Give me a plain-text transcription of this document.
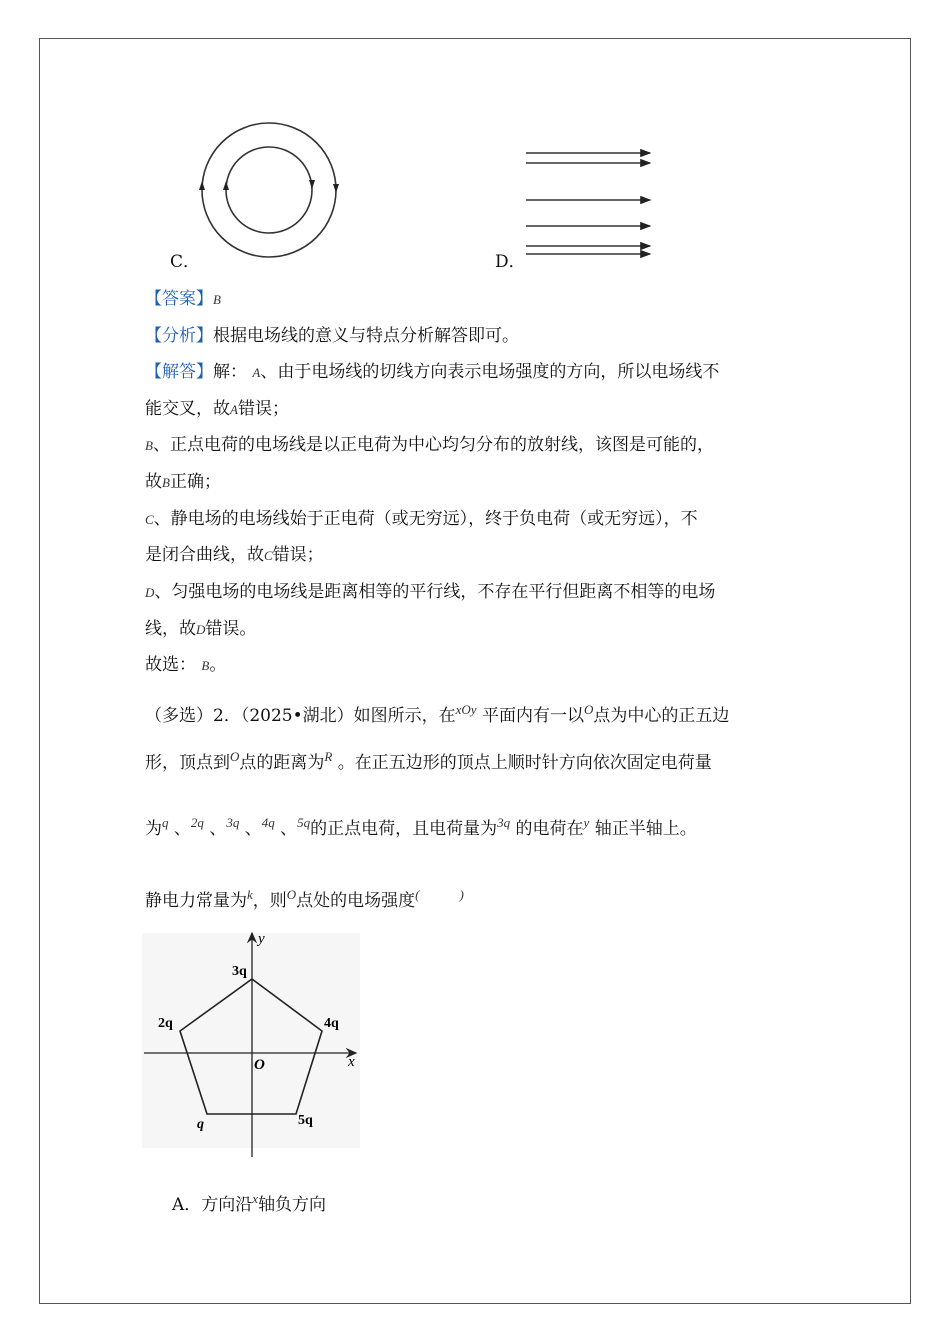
C．	D．
【答案】B
【分析】根据电场线的意义与特点分析解答即可。
【解答】解： A、由于电场线的切线方向表示电场强度的方向，所以电场线不
能交叉，故A错误；
B、正点电荷的电场线是以正电荷为中心均匀分布的放射线，该图是可能的，
故B正确；
C、静电场的电场线始于正电荷（或无穷远），终于负电荷（或无穷远），不
是闭合曲线，故C错误；
D、匀强电场的电场线是距离相等的平行线，不存在平行但距离不相等的电场
线，故D错误。
故选： B。
（多选）2．（2025•湖北）如图所示，在$^{xOy}$ 平面内有一以$^O$点为中心的正五边
形，顶点到$^O$点的距离为$^R$ 。在正五边形的顶点上顺时针方向依次固定电荷量
为$^q$ 、$^{2q}$ 、$^{3q}$ 、$^{4q}$ 、$^{5q}$的正点电荷，且电荷量为$^{3q}$ 的电荷在$^y$ 轴正半轴上。
静电力常量为$^k$，则$^O$点处的电场强度(	)
x
y
O
3q
2q	4q
q	5q
A．方向沿$^x$轴负方向
